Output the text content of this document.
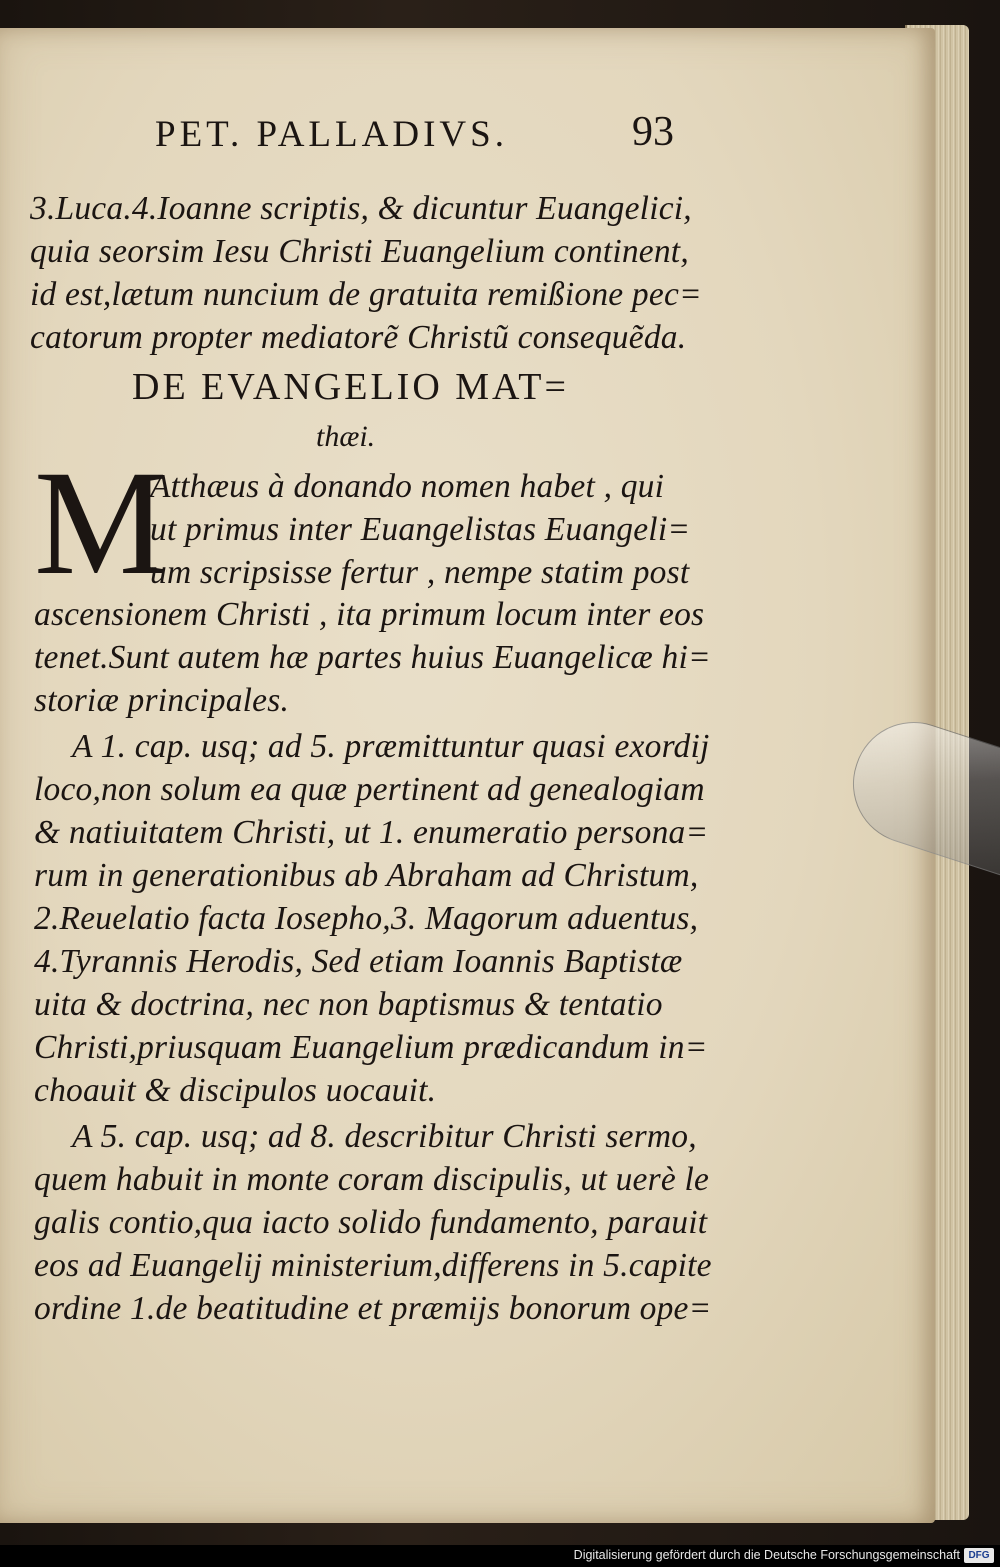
PET. PALLADIVS.	93
3.Luca.4.Ioanne scriptis, & dicuntur Euangelici,
quia seorsim Iesu Christi Euangelium continent,
id est,lætum nuncium de gratuita remißione pec=
catorum propter mediatorẽ Christũ consequẽda.
DE EVANGELIO MAT=
thæi.
M
Atthæus à donando nomen habet , qui
ut primus inter Euangelistas Euangeli=
um scripsisse fertur , nempe statim post
ascensionem Christi , ita primum locum inter eos
tenet.Sunt autem hæ partes huius Euangelicæ hi=
storiæ principales.
A 1. cap. usq; ad 5. præmittuntur quasi exordij
loco,non solum ea quæ pertinent ad genealogiam
& natiuitatem Christi, ut 1. enumeratio persona=
rum in generationibus ab Abraham ad Christum,
2.Reuelatio facta Iosepho,3. Magorum aduentus,
4.Tyrannis Herodis, Sed etiam Ioannis Baptistæ
uita & doctrina, nec non baptismus & tentatio
Christi,priusquam Euangelium prædicandum in=
choauit & discipulos uocauit.
A 5. cap. usq; ad 8. describitur Christi sermo,
quem habuit in monte coram discipulis, ut uerè le
galis contio,qua iacto solido fundamento, parauit
eos ad Euangelij ministerium,differens in 5.capite
ordine 1.de beatitudine et præmijs bonorum ope=
Digitalisierung gefördert durch die Deutsche Forschungsgemeinschaft DFG
